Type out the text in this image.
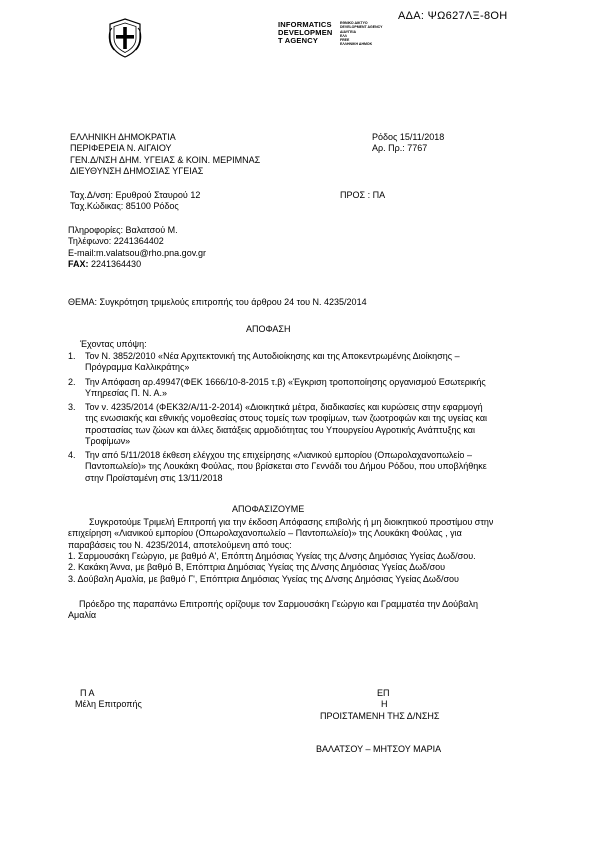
ΑΔΑ: ΨΩ627ΛΞ-8ΟΗ
INFORMATICS
DEVELOPMEN
T AGENCY
ΕΘΝΙΚΟ ΔΙΚΤΥΟ
DEVELOPMENT AGENCY
ΔΙΑΥΓΕΙΑ
ΕΛΛ
FREE
ΕΛΛΗΝΙΚΗ ΔΗΜΟΚ
ΕΛΛΗΝΙΚΗ ΔΗΜΟΚΡΑΤΙΑ
ΠΕΡΙΦΕΡΕΙΑ Ν. ΑΙΓΑΙΟΥ
ΓΕΝ.Δ/ΝΣΗ ΔΗΜ. ΥΓΕΙΑΣ & ΚΟΙΝ. ΜΕΡΙΜΝΑΣ
ΔΙΕΥΘΥΝΣΗ ΔΗΜΟΣΙΑΣ ΥΓΕΙΑΣ
Ρόδος 15/11/2018
Αρ. Πρ.: 7767
Ταχ.Δ/νση: Ερυθρού Σταυρού 12
Ταχ.Κώδικας: 85100 Ρόδος
ΠΡΟΣ : ΠΑ
Πληροφορίες: Βαλατσού Μ.
Τηλέφωνο: 2241364402
E-mail:m.valatsou@rho.pna.gov.gr
FAX: 2241364430
ΘΕΜΑ: Συγκρότηση τριμελούς επιτροπής του άρθρου 24 του Ν. 4235/2014
ΑΠΟΦΑΣΗ
Έχοντας υπόψη:
1. Τον Ν. 3852/2010 «Νέα Αρχιτεκτονική της Αυτοδιοίκησης και της Αποκεντρωμένης Διοίκησης –
Πρόγραμμα Καλλικράτης»
2. Την Απόφαση αρ.49947(ΦΕΚ 1666/10-8-2015 τ.β) «Έγκριση τροποποίησης οργανισμού Εσωτερικής
Υπηρεσίας Π. Ν. Α.»
3. Τον ν. 4235/2014 (ΦΕΚ32/Α/11-2-2014) «Διοικητικά μέτρα, διαδικασίες και κυρώσεις στην εφαρμογή
της ενωσιακής και εθνικής νομοθεσίας στους τομείς των τροφίμων, των ζωοτροφών και της υγείας και
προστασίας των ζώων και άλλες διατάξεις αρμοδιότητας του Υπουργείου Αγροτικής Ανάπτυξης και
Τροφίμων»
4. Την από 5/11/2018 έκθεση ελέγχου της επιχείρησης «Λιανικού εμπορίου (Οπωρολαχανοπωλείο –
Παντοπωλείο)» της Λουκάκη Φούλας, που βρίσκεται στο Γεννάδι του Δήμου Ρόδου, που υποβλήθηκε
στην Προϊσταμένη στις 13/11/2018
ΑΠΟΦΑΣΙΖΟΥΜΕ
Συγκροτούμε Τριμελή Επιτροπή για την έκδοση Απόφασης επιβολής ή μη διοικητικού προστίμου στην
επιχείρηση «Λιανικού εμπορίου (Οπωρολαχανοπωλείο – Παντοπωλείο)» της Λουκάκη Φούλας , για
παραβάσεις του Ν. 4235/2014, αποτελούμενη από τους:
1. Σαρμουσάκη Γεώργιο, με βαθμό Α', Επόπτη Δημόσιας Υγείας της Δ/νσης Δημόσιας Υγείας Δωδ/σου.
2. Κακάκη Άννα, με βαθμό Β, Επόπτρια Δημόσιας Υγείας της Δ/νσης Δημόσιας Υγείας Δωδ/σου
3. Δούβαλη Αμαλία, με βαθμό Γ', Επόπτρια Δημόσιας Υγείας της Δ/νσης Δημόσιας Υγείας Δωδ/σου
Πρόεδρο της παραπάνω Επιτροπής ορίζουμε τον Σαρμουσάκη Γεώργιο και Γραμματέα την Δούβαλη
Αμαλία
Π Α
Μέλη Επιτροπής
ΕΠ
Η
ΠΡΟΙΣΤΑΜΕΝΗ ΤΗΣ Δ/ΝΣΗΣ
ΒΑΛΑΤΣΟΥ – ΜΗΤΣΟΥ ΜΑΡΙΑ
